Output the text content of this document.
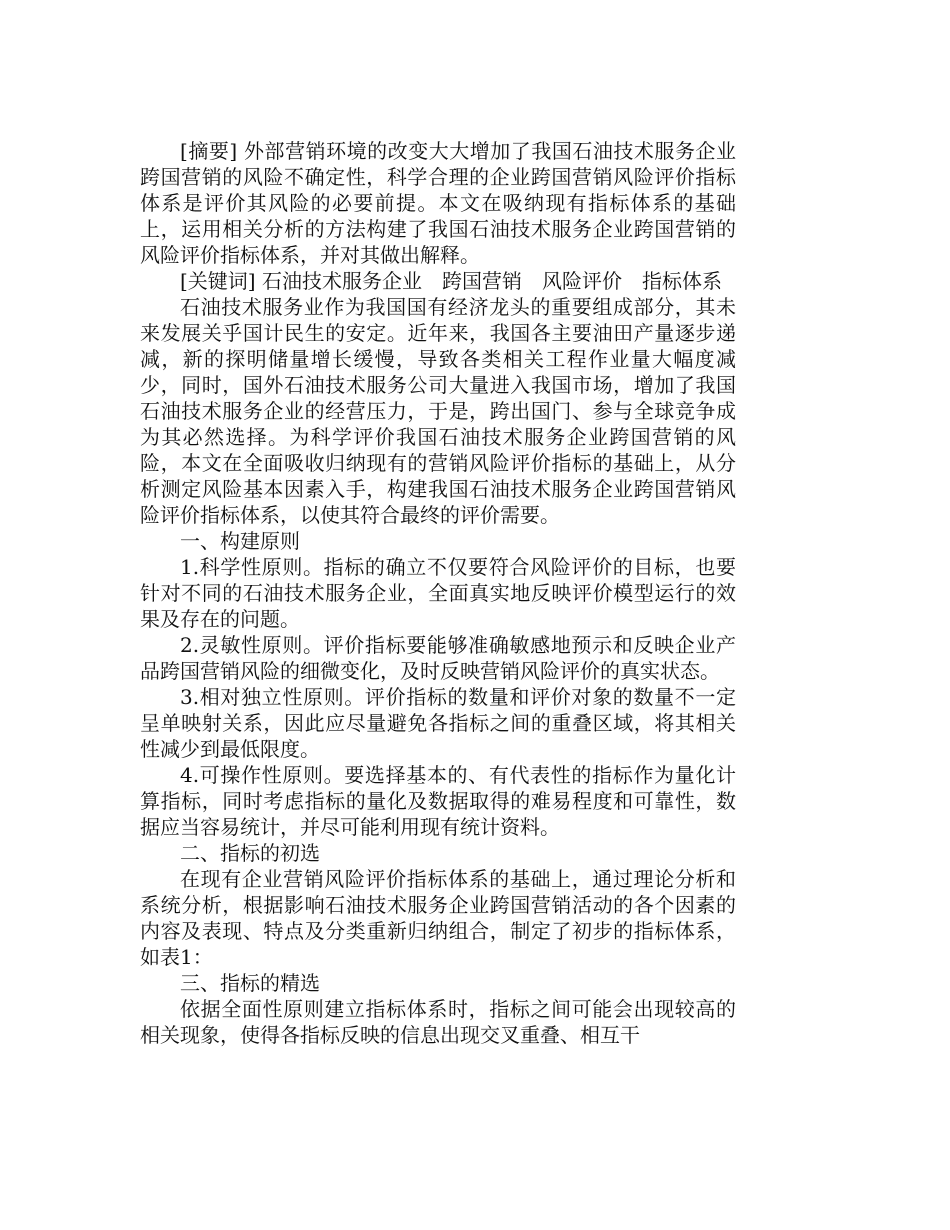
[摘要] 外部营销环境的改变大大增加了我国石油技术服务企业跨国营销的风险不确定性，科学合理的企业跨国营销风险评价指标体系是评价其风险的必要前提。本文在吸纳现有指标体系的基础上，运用相关分析的方法构建了我国石油技术服务企业跨国营销的风险评价指标体系，并对其做出解释。

[关键词] 石油技术服务企业　跨国营销　风险评价　指标体系

石油技术服务业作为我国国有经济龙头的重要组成部分，其未来发展关乎国计民生的安定。近年来，我国各主要油田产量逐步递减，新的探明储量增长缓慢，导致各类相关工程作业量大幅度减少，同时，国外石油技术服务公司大量进入我国市场，增加了我国石油技术服务企业的经营压力，于是，跨出国门、参与全球竞争成为其必然选择。为科学评价我国石油技术服务企业跨国营销的风险，本文在全面吸收归纳现有的营销风险评价指标的基础上，从分析测定风险基本因素入手，构建我国石油技术服务企业跨国营销风险评价指标体系，以使其符合最终的评价需要。

一、构建原则

1.科学性原则。指标的确立不仅要符合风险评价的目标，也要针对不同的石油技术服务企业，全面真实地反映评价模型运行的效果及存在的问题。

2.灵敏性原则。评价指标要能够准确敏感地预示和反映企业产品跨国营销风险的细微变化，及时反映营销风险评价的真实状态。

3.相对独立性原则。评价指标的数量和评价对象的数量不一定呈单映射关系，因此应尽量避免各指标之间的重叠区域，将其相关性减少到最低限度。

4.可操作性原则。要选择基本的、有代表性的指标作为量化计算指标，同时考虑指标的量化及数据取得的难易程度和可靠性，数据应当容易统计，并尽可能利用现有统计资料。

二、指标的初选

在现有企业营销风险评价指标体系的基础上，通过理论分析和系统分析，根据影响石油技术服务企业跨国营销活动的各个因素的内容及表现、特点及分类重新归纳组合，制定了初步的指标体系，如表1：

三、指标的精选

依据全面性原则建立指标体系时，指标之间可能会出现较高的相关现象，使得各指标反映的信息出现交叉重叠、相互干
